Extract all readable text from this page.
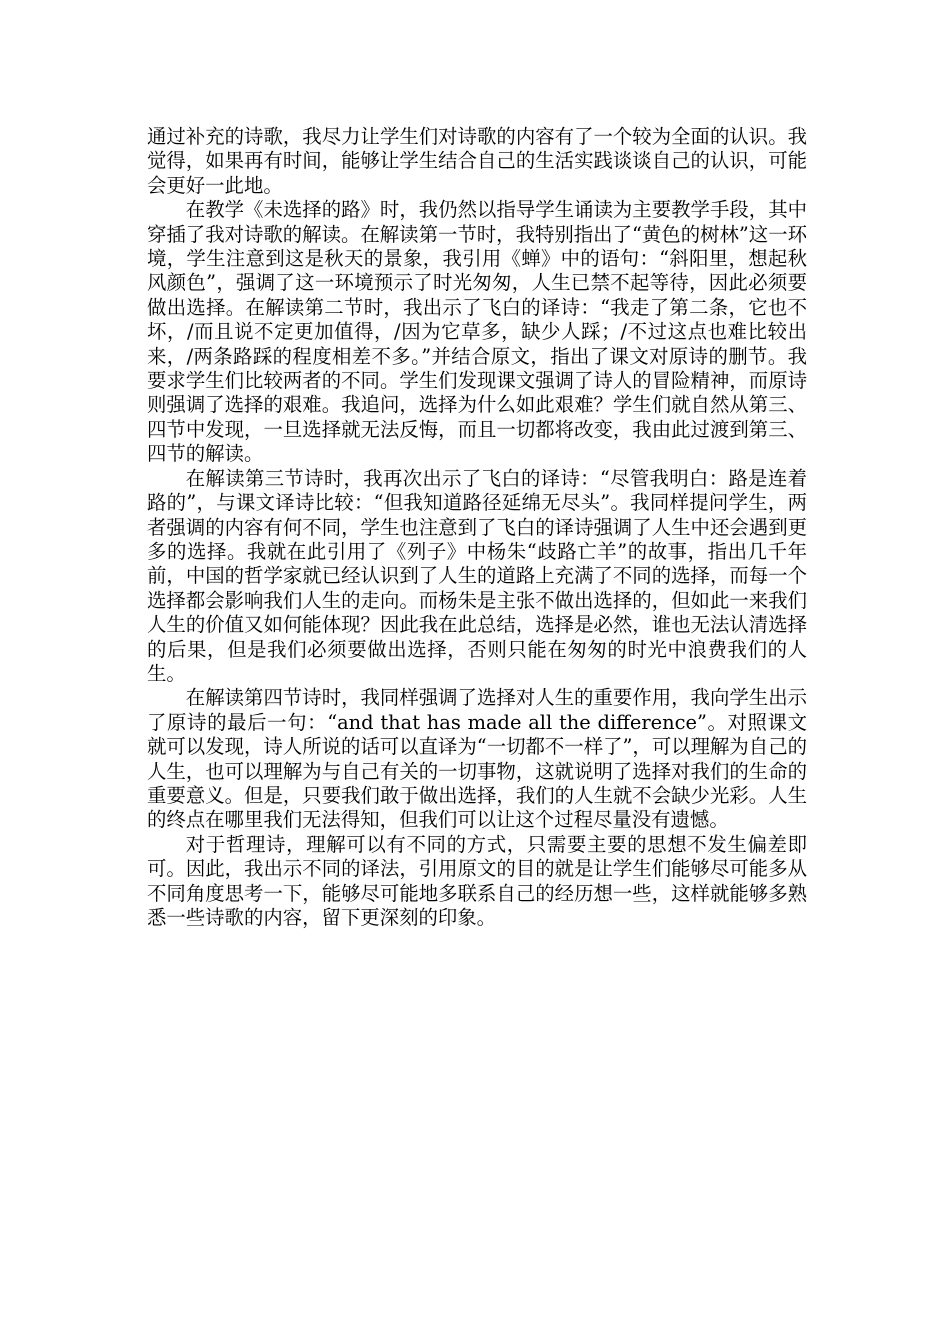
通过补充的诗歌，我尽力让学生们对诗歌的内容有了一个较为全面的认识。我觉得，如果再有时间，能够让学生结合自己的生活实践谈谈自己的认识，可能会更好一此地。

在教学《未选择的路》时，我仍然以指导学生诵读为主要教学手段，其中穿插了我对诗歌的解读。在解读第一节时，我特别指出了“黄色的树林”这一环境，学生注意到这是秋天的景象，我引用《蝉》中的语句：“斜阳里，想起秋风颜色”，强调了这一环境预示了时光匆匆，人生已禁不起等待，因此必须要做出选择。在解读第二节时，我出示了飞白的译诗：“我走了第二条，它也不坏，/而且说不定更加值得，/因为它草多，缺少人踩；/不过这点也难比较出来，/两条路踩的程度相差不多。”并结合原文，指出了课文对原诗的删节。我要求学生们比较两者的不同。学生们发现课文强调了诗人的冒险精神，而原诗则强调了选择的艰难。我追问，选择为什么如此艰难？学生们就自然从第三、四节中发现，一旦选择就无法反悔，而且一切都将改变，我由此过渡到第三、四节的解读。

在解读第三节诗时，我再次出示了飞白的译诗：“尽管我明白：路是连着路的”，与课文译诗比较：“但我知道路径延绵无尽头”。我同样提问学生，两者强调的内容有何不同，学生也注意到了飞白的译诗强调了人生中还会遇到更多的选择。我就在此引用了《列子》中杨朱“歧路亡羊”的故事，指出几千年前，中国的哲学家就已经认识到了人生的道路上充满了不同的选择，而每一个选择都会影响我们人生的走向。而杨朱是主张不做出选择的，但如此一来我们人生的价值又如何能体现？因此我在此总结，选择是必然，谁也无法认清选择的后果，但是我们必须要做出选择，否则只能在匆匆的时光中浪费我们的人生。

在解读第四节诗时，我同样强调了选择对人生的重要作用，我向学生出示了原诗的最后一句：“and that has made all the difference”。对照课文就可以发现，诗人所说的话可以直译为“一切都不一样了”，可以理解为自己的人生，也可以理解为与自己有关的一切事物，这就说明了选择对我们的生命的重要意义。但是，只要我们敢于做出选择，我们的人生就不会缺少光彩。人生的终点在哪里我们无法得知，但我们可以让这个过程尽量没有遗憾。

对于哲理诗，理解可以有不同的方式，只需要主要的思想不发生偏差即可。因此，我出示不同的译法，引用原文的目的就是让学生们能够尽可能多从不同角度思考一下，能够尽可能地多联系自己的经历想一些，这样就能够多熟悉一些诗歌的内容，留下更深刻的印象。
